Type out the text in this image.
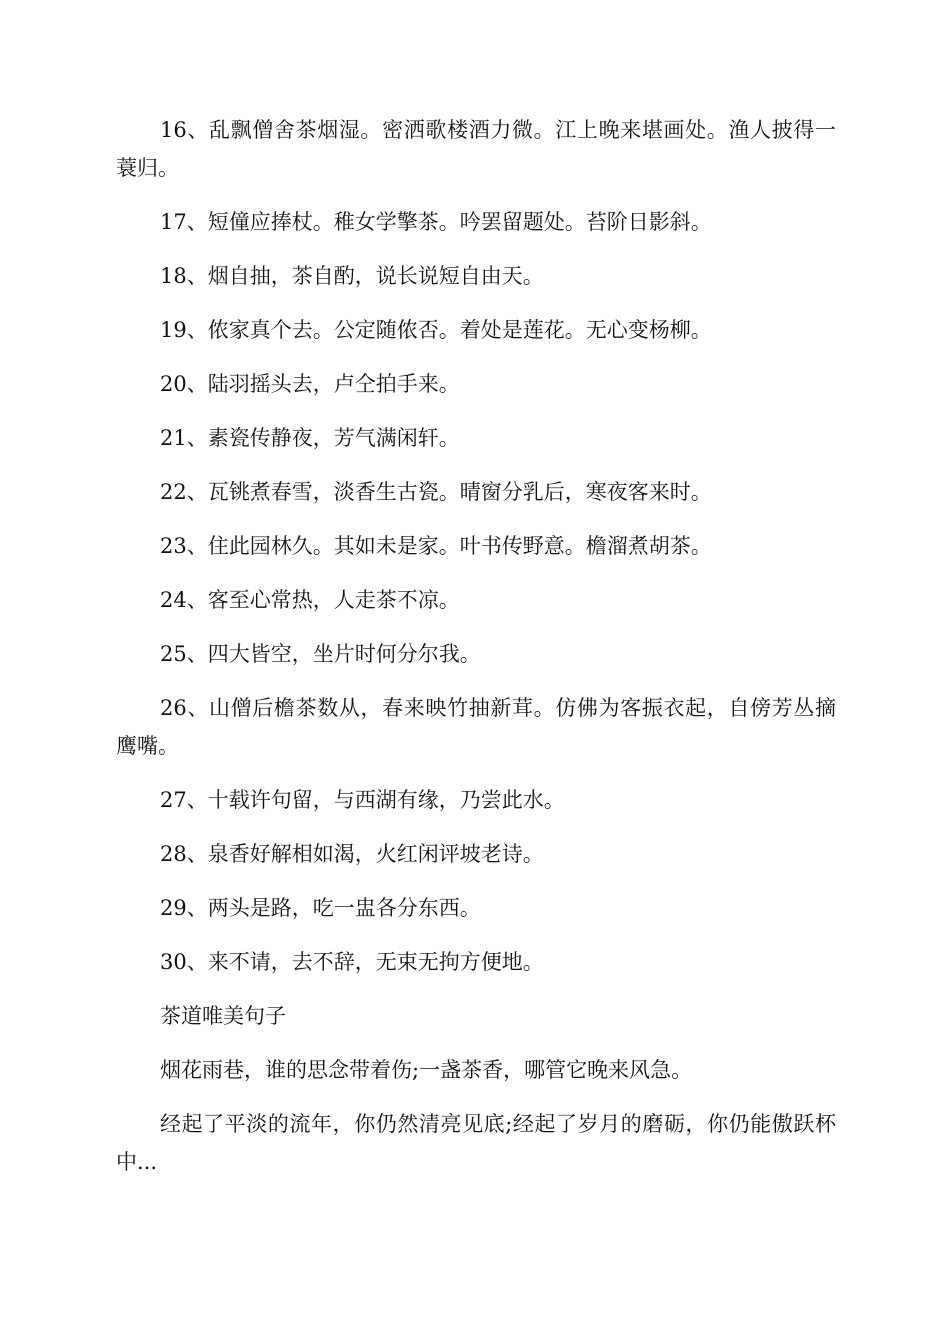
16、乱飘僧舍茶烟湿。密洒歌楼酒力微。江上晚来堪画处。渔人披得一蓑归。

17、短僮应捧杖。稚女学擎茶。吟罢留题处。苔阶日影斜。

18、烟自抽，茶自酌，说长说短自由天。

19、侬家真个去。公定随侬否。着处是莲花。无心变杨柳。

20、陆羽摇头去，卢仝拍手来。

21、素瓷传静夜，芳气满闲轩。

22、瓦铫煮春雪，淡香生古瓷。晴窗分乳后，寒夜客来时。

23、住此园林久。其如未是家。叶书传野意。檐溜煮胡茶。

24、客至心常热，人走茶不凉。

25、四大皆空，坐片时何分尔我。

26、山僧后檐茶数从，春来映竹抽新茸。仿佛为客振衣起，自傍芳丛摘鹰嘴。

27、十载许句留，与西湖有缘，乃尝此水。

28、泉香好解相如渴，火红闲评坡老诗。

29、两头是路，吃一盅各分东西。

30、来不请，去不辞，无束无拘方便地。

茶道唯美句子

烟花雨巷，谁的思念带着伤;一盏茶香，哪管它晚来风急。

经起了平淡的流年，你仍然清亮见底;经起了岁月的磨砺，你仍能傲跃杯中...
